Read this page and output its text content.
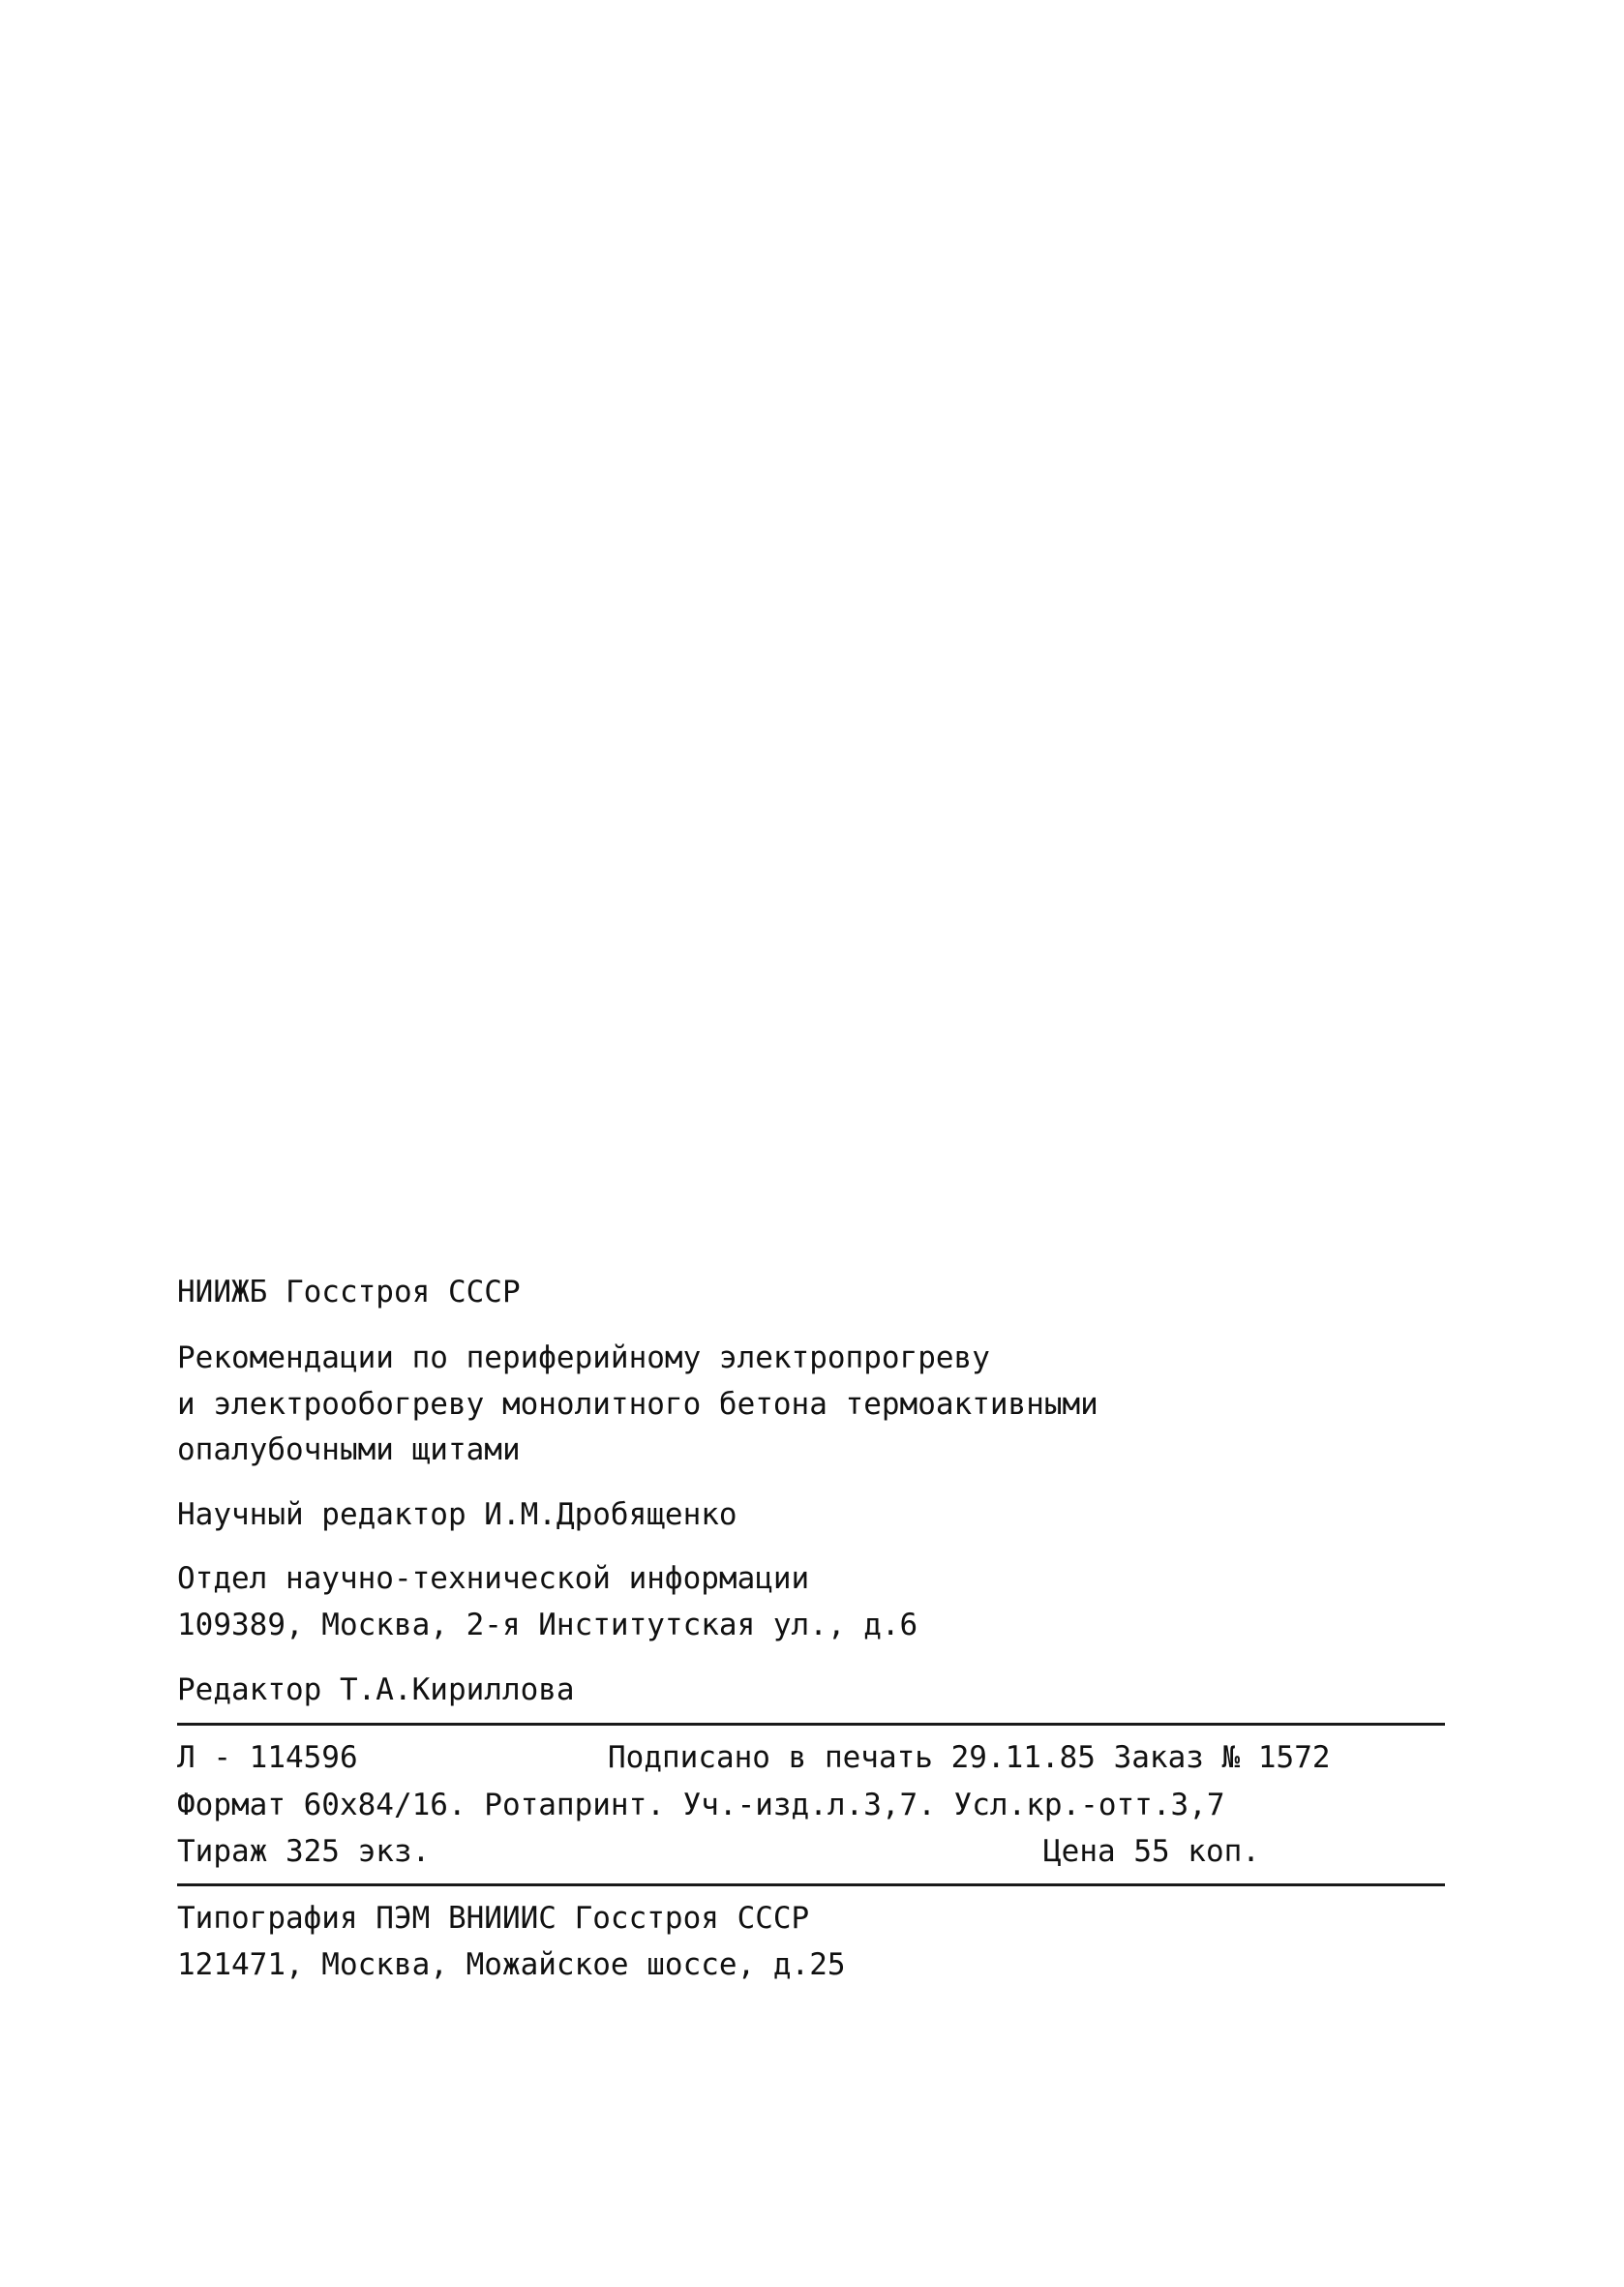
НИИЖБ Госстроя СССР
Рекомендации по периферийному электропрогреву
и электрообогреву монолитного бетона термоактивными
опалубочными щитами
Научный редактор И.М.Дробященко
Отдел научно-технической информации
109389, Москва, 2-я Институтская ул., д.6
Редактор Т.А.Кириллова
Л - 114596	Подписано в печать 29.11.85 Заказ № 1572
Формат 60x84/16. Ротапринт. Уч.-изд.л.3,7. Усл.кр.-отт.3,7
Тираж 325 экз.	Цена 55 коп.
Типография ПЭМ ВНИИИС Госстроя СССР
121471, Москва, Можайское шоссе, д.25
